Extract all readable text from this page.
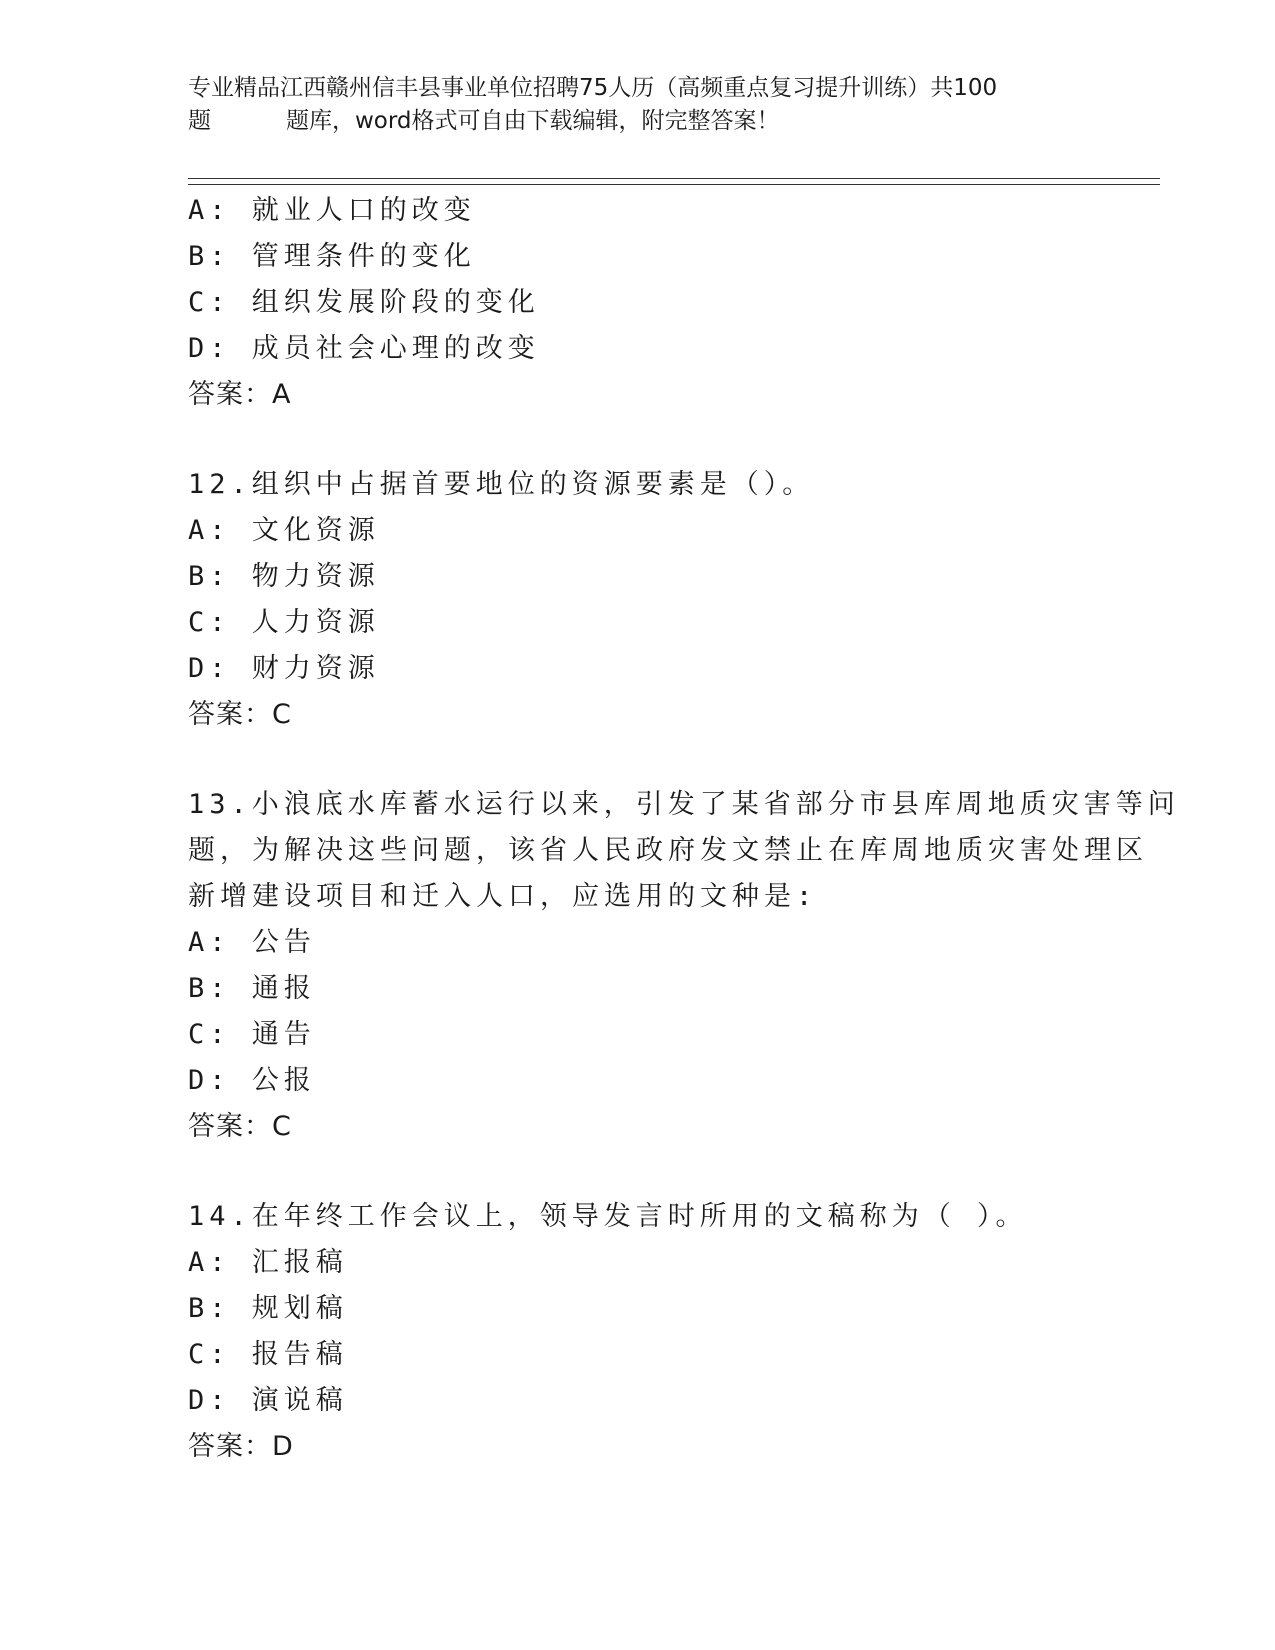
专业精品江西赣州信丰县事业单位招聘75人历（高频重点复习提升训练）共100
题	题库，word格式可自由下载编辑，附完整答案！
A: 就业人口的改变
B: 管理条件的变化
C: 组织发展阶段的变化
D: 成员社会心理的改变
答案：A
12.组织中占据首要地位的资源要素是（）。
A: 文化资源
B: 物力资源
C: 人力资源
D: 财力资源
答案：C
13.小浪底水库蓄水运行以来，引发了某省部分市县库周地质灾害等问
题，为解决这些问题，该省人民政府发文禁止在库周地质灾害处理区
新增建设项目和迁入人口，应选用的文种是:
A: 公告
B: 通报
C: 通告
D: 公报
答案：C
14.在年终工作会议上，领导发言时所用的文稿称为（ ）。
A: 汇报稿
B: 规划稿
C: 报告稿
D: 演说稿
答案：D
